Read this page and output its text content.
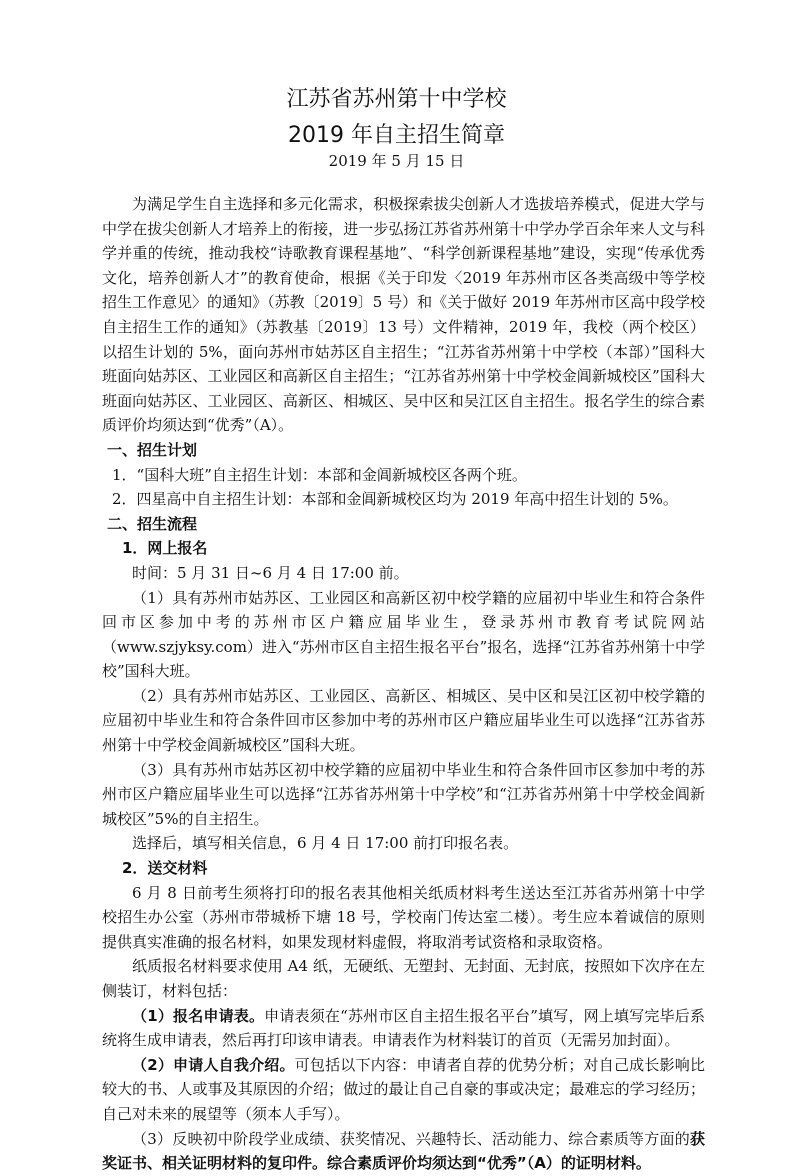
江苏省苏州第十中学校
2019 年自主招生简章
2019 年 5 月 15 日

为满足学生自主选择和多元化需求，积极探索拔尖创新人才选拔培养模式，促进大学与中学在拔尖创新人才培养上的衔接，进一步弘扬江苏省苏州第十中学办学百余年来人文与科学并重的传统，推动我校“诗歌教育课程基地”、“科学创新课程基地”建设，实现“传承优秀文化，培养创新人才”的教育使命，根据《关于印发〈2019 年苏州市区各类高级中等学校招生工作意见〉的通知》（苏教〔2019〕5 号）和《关于做好 2019 年苏州市区高中段学校自主招生工作的通知》（苏教基〔2019〕13 号）文件精神，2019 年，我校（两个校区）以招生计划的 5%，面向苏州市姑苏区自主招生；“江苏省苏州第十中学校（本部）”国科大班面向姑苏区、工业园区和高新区自主招生；“江苏省苏州第十中学校金阊新城校区”国科大班面向姑苏区、工业园区、高新区、相城区、吴中区和吴江区自主招生。报名学生的综合素质评价均须达到“优秀”（A）。

一、招生计划

1．“国科大班”自主招生计划：本部和金阊新城校区各两个班。

2．四星高中自主招生计划：本部和金阊新城校区均为 2019 年高中招生计划的 5%。

二、招生流程

1．网上报名

时间：5 月 31 日~6 月 4 日 17:00 前。

（1）具有苏州市姑苏区、工业园区和高新区初中校学籍的应届初中毕业生和符合条件回市区参加中考的苏州市区户籍应届毕业生，登录苏州市教育考试院网站（www.szjyksy.com）进入“苏州市区自主招生报名平台”报名，选择“江苏省苏州第十中学校”国科大班。

（2）具有苏州市姑苏区、工业园区、高新区、相城区、吴中区和吴江区初中校学籍的应届初中毕业生和符合条件回市区参加中考的苏州市区户籍应届毕业生可以选择“江苏省苏州第十中学校金阊新城校区”国科大班。

（3）具有苏州市姑苏区初中校学籍的应届初中毕业生和符合条件回市区参加中考的苏州市区户籍应届毕业生可以选择“江苏省苏州第十中学校”和“江苏省苏州第十中学校金阊新城校区”5%的自主招生。

选择后，填写相关信息，6 月 4 日 17:00 前打印报名表。

2．送交材料

6 月 8 日前考生须将打印的报名表其他相关纸质材料考生送达至江苏省苏州第十中学校招生办公室（苏州市带城桥下塘 18 号，学校南门传达室二楼）。考生应本着诚信的原则提供真实准确的报名材料，如果发现材料虚假，将取消考试资格和录取资格。

纸质报名材料要求使用 A4 纸，无硬纸、无塑封、无封面、无封底，按照如下次序在左侧装订，材料包括：

（1）报名申请表。申请表须在“苏州市区自主招生报名平台”填写，网上填写完毕后系统将生成申请表，然后再打印该申请表。申请表作为材料装订的首页（无需另加封面）。

（2）申请人自我介绍。可包括以下内容：申请者自荐的优势分析；对自己成长影响比较大的书、人或事及其原因的介绍；做过的最让自己自豪的事或决定；最难忘的学习经历；自己对未来的展望等（须本人手写）。

（3）反映初中阶段学业成绩、获奖情况、兴趣特长、活动能力、综合素质等方面的获奖证书、相关证明材料的复印件。综合素质评价均须达到“优秀”（A）的证明材料。
